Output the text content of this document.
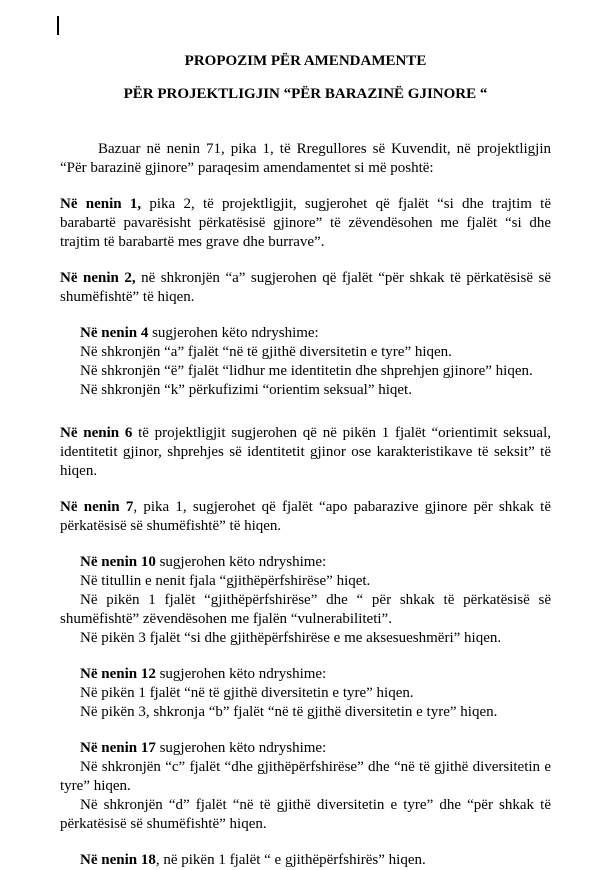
PROPOZIM PËR AMENDAMENTE

PËR PROJEKTLIGJIN “PËR BARAZINË GJINORE “

Bazuar në nenin 71, pika 1, të Rregullores së Kuvendit, në projektligjin “Për barazinë gjinore” paraqesim amendamentet si më poshtë:

Në nenin 1, pika 2, të projektligjit, sugjerohet që fjalët “si dhe trajtim të barabartë pavarësisht përkatësisë gjinore” të zëvendësohen me fjalët “si dhe trajtim të barabartë mes grave dhe burrave”.

Në nenin 2, në shkronjën “a” sugjerohen që fjalët “për shkak të përkatësisë së shumëfishtë” të hiqen.

Në nenin 4 sugjerohen këto ndryshime:

Në shkronjën “a” fjalët “në të gjithë diversitetin e tyre” hiqen.

Në shkronjën “ë” fjalët “lidhur me identitetin dhe shprehjen gjinore” hiqen.

Në shkronjën “k” përkufizimi “orientim seksual” hiqet.

Në nenin 6 të projektligjit sugjerohen që në pikën 1 fjalët “orientimit seksual, identitetit gjinor, shprehjes së identitetit gjinor ose karakteristikave të seksit” të hiqen.

Në nenin 7, pika 1, sugjerohet që fjalët “apo pabarazive gjinore për shkak të përkatësisë së shumëfishtë” të hiqen.

Në nenin 10 sugjerohen këto ndryshime:

Në titullin e nenit fjala “gjithëpërfshirëse” hiqet.

Në pikën 1 fjalët “gjithëpërfshirëse” dhe “ për shkak të përkatësisë së shumëfishtë” zëvendësohen me fjalën “vulnerabiliteti”.

Në pikën 3 fjalët “si dhe gjithëpërfshirëse e me aksesueshmëri” hiqen.

Në nenin 12 sugjerohen këto ndryshime:

Në pikën 1 fjalët “në të gjithë diversitetin e tyre” hiqen.

Në pikën 3, shkronja “b” fjalët “në të gjithë diversitetin e tyre” hiqen.

Në nenin 17 sugjerohen këto ndryshime:

Në shkronjën “c” fjalët “dhe gjithëpërfshirëse” dhe “në të gjithë diversitetin e tyre” hiqen.

Në shkronjën “d” fjalët “në të gjithë diversitetin e tyre” dhe “për shkak të përkatësisë së shumëfishtë” hiqen.

Në nenin 18, në pikën 1 fjalët “ e gjithëpërfshirës” hiqen.
